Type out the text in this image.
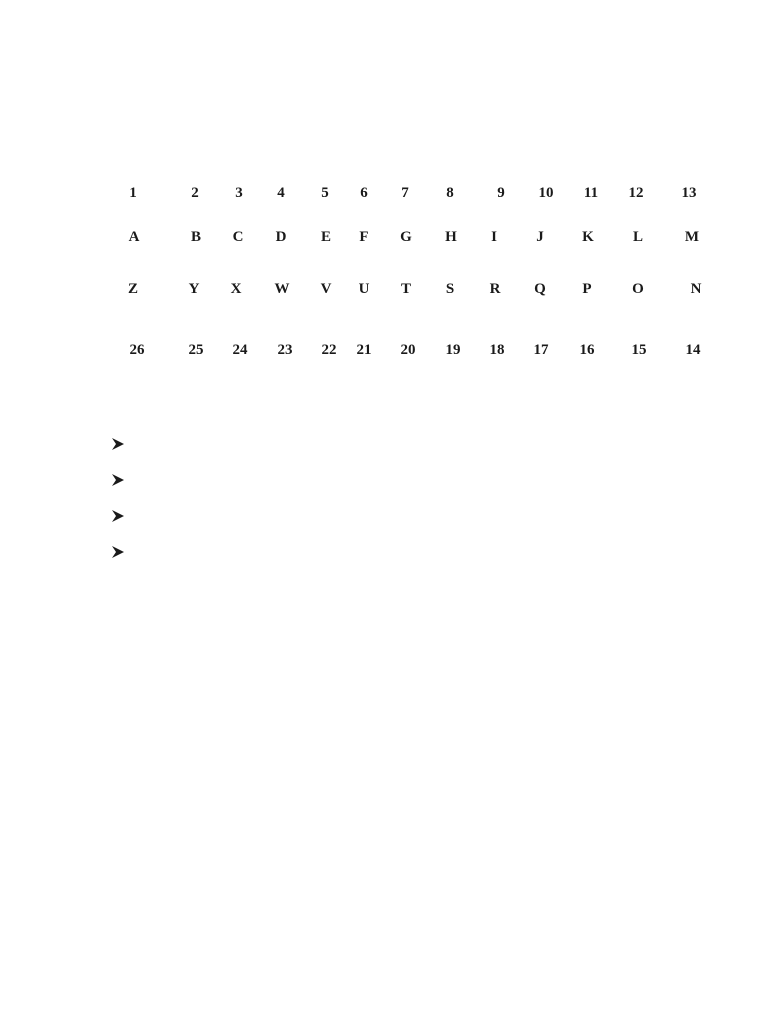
1	2 3 4 5 6 7	8	9 10 11 12	13
A	B C D E F G H I	J	K	L	M
Z	Y X W V U T S R Q P	O	N
26	25 24 23 22 21 20 19 18 17 16 15	14
